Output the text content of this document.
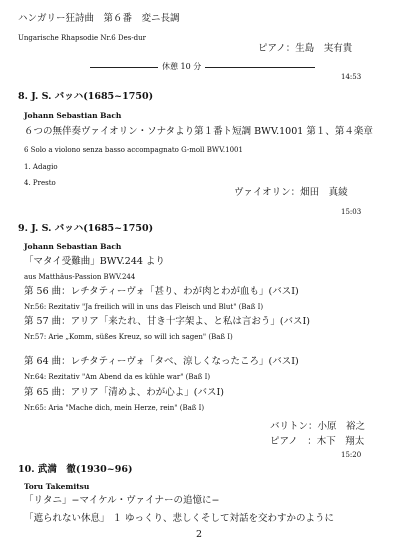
ハンガリー狂詩曲　第６番　変ニ長調
Ungarische Rhapsodie Nr.6 Des-dur
ピアノ：生島　実有貴
休憩 10 分
14:53
8. J. S. バッハ(1685~1750)
Johann Sebastian Bach
６つの無伴奏ヴァイオリン・ソナタより第１番ト短調 BWV.1001 第１、第４楽章
6 Solo a violono senza basso accompagnato G-moll BWV.1001
1. Adagio
4. Presto
ヴァイオリン：畑田　真綾
15:03
9. J. S. バッハ(1685~1750)
Johann Sebastian Bach
「マタイ受難曲」BWV.244 より
aus Matthäus-Passion BWV.244
第 56 曲：レチタティーヴォ「甚り、わが肉とわが血も」(バスⅠ)
Nr.56: Rezitativ "Ja freilich will in uns das Fleisch und Blut" (Baß I)
第 57 曲：アリア「来たれ、甘き十字架よ、と私は言おう」(バスⅠ)
Nr.57: Arie „Komm, süßes Kreuz, so will ich sagen" (Baß I)
第 64 曲：レチタティーヴォ「タベ、涼しくなったころ」(バスⅠ)
Nr.64: Rezitativ "Am Abend da es kühle war" (Baß I)
第 65 曲：アリア「清めよ、わが心よ」(バスⅠ)
Nr.65: Aria "Mache dich, mein Herze, rein" (Baß I)
バリトン：小原　裕之
ピアノ　：木下　翔太
15:20
10. 武満　徹(1930~96)
Toru Takemitsu
「リタニ」−マイケル・ヴァイナーの追憶に−
「遮られない休息」 １ ゆっくり、悲しくそして対話を交わすかのように
2
